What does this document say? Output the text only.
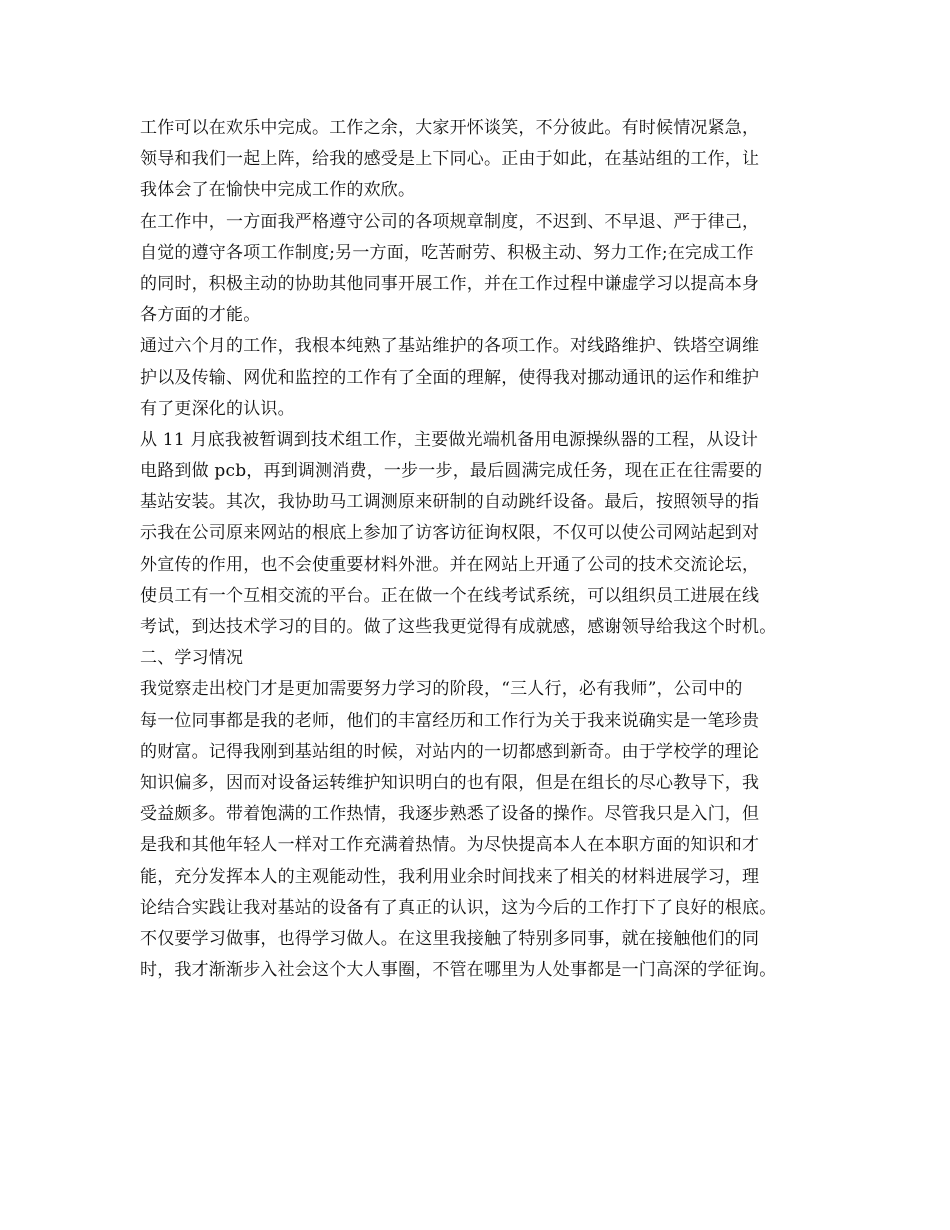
工作可以在欢乐中完成。工作之余，大家开怀谈笑，不分彼此。有时候情况紧急，
领导和我们一起上阵，给我的感受是上下同心。正由于如此，在基站组的工作，让
我体会了在愉快中完成工作的欢欣。
在工作中，一方面我严格遵守公司的各项规章制度，不迟到、不早退、严于律己，
自觉的遵守各项工作制度;另一方面，吃苦耐劳、积极主动、努力工作;在完成工作
的同时，积极主动的协助其他同事开展工作，并在工作过程中谦虚学习以提高本身
各方面的才能。
通过六个月的工作，我根本纯熟了基站维护的各项工作。对线路维护、铁塔空调维
护以及传输、网优和监控的工作有了全面的理解，使得我对挪动通讯的运作和维护
有了更深化的认识。
从 11 月底我被暂调到技术组工作，主要做光端机备用电源操纵器的工程，从设计
电路到做 pcb，再到调测消费，一步一步，最后圆满完成任务，现在正在往需要的
基站安装。其次，我协助马工调测原来研制的自动跳纤设备。最后，按照领导的指
示我在公司原来网站的根底上参加了访客访征询权限，不仅可以使公司网站起到对
外宣传的作用，也不会使重要材料外泄。并在网站上开通了公司的技术交流论坛，
使员工有一个互相交流的平台。正在做一个在线考试系统，可以组织员工进展在线
考试，到达技术学习的目的。做了这些我更觉得有成就感，感谢领导给我这个时机。
二、学习情况
我觉察走出校门才是更加需要努力学习的阶段，“三人行，必有我师”，公司中的
每一位同事都是我的老师，他们的丰富经历和工作行为关于我来说确实是一笔珍贵
的财富。记得我刚到基站组的时候，对站内的一切都感到新奇。由于学校学的理论
知识偏多，因而对设备运转维护知识明白的也有限，但是在组长的尽心教导下，我
受益颇多。带着饱满的工作热情，我逐步熟悉了设备的操作。尽管我只是入门，但
是我和其他年轻人一样对工作充满着热情。为尽快提高本人在本职方面的知识和才
能，充分发挥本人的主观能动性，我利用业余时间找来了相关的材料进展学习，理
论结合实践让我对基站的设备有了真正的认识，这为今后的工作打下了良好的根底。
不仅要学习做事，也得学习做人。在这里我接触了特别多同事，就在接触他们的同
时，我才渐渐步入社会这个大人事圈，不管在哪里为人处事都是一门高深的学征询。
